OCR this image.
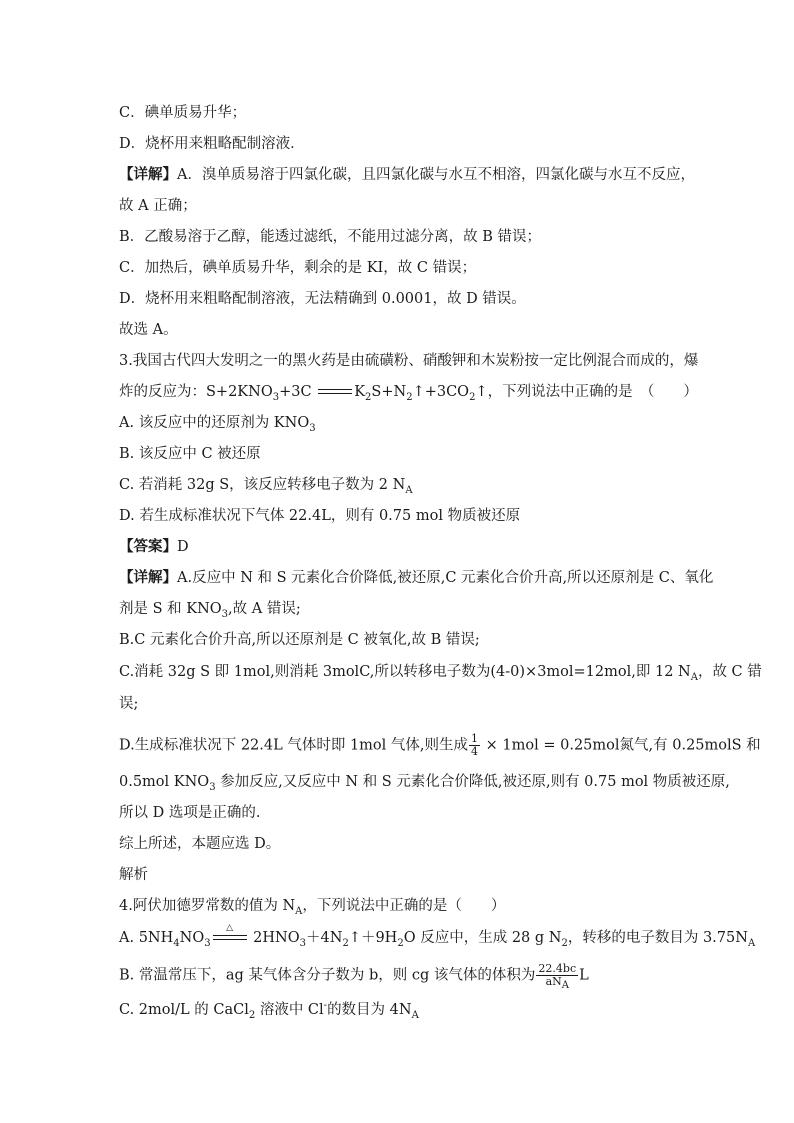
C．碘单质易升华；
D．烧杯用来粗略配制溶液．
【详解】A．溴单质易溶于四氯化碳，且四氯化碳与水互不相溶，四氯化碳与水互不反应，
故 A 正确；
B．乙酸易溶于乙醇，能透过滤纸，不能用过滤分离，故 B 错误；
C．加热后，碘单质易升华，剩余的是 KI，故 C 错误；
D．烧杯用来粗略配制溶液，无法精确到 0.0001，故 D 错误。
故选 A。
3.我国古代四大发明之一的黑火药是由硫磺粉、硝酸钾和木炭粉按一定比例混合而成的，爆
炸的反应为：$S+2KNO_3+3C$	$K_2S+N_2↑+3CO_2↑$，下列说法中正确的是　（　　）
A. 该反应中的还原剂为 $KNO_3$
B. 该反应中 C 被还原
C. 若消耗 32g S，该反应转移电子数为 2 $N_A$
D. 若生成标准状况下气体 22.4L，则有 0.75 mol 物质被还原
【答案】D
【详解】A.反应中 N 和 S 元素化合价降低,被还原,C 元素化合价升高,所以还原剂是 C、氧化
剂是 S 和 $KNO_3$,故 A 错误;
B.C 元素化合价升高,所以还原剂是 C 被氧化,故 B 错误;
C.消耗 32g S 即 1mol,则消耗 3molC,所以转移电子数为(4-0)×3mol=12mol,即 12 $N_A$，故 C 错
误;
D.生成标准状况下 22.4L 气体时即 1mol 气体,则生成 $\frac{1}{4} \times 1mol = 0.25mol$氮气,有 0.25molS 和
0.5mol $KNO_3$ 参加反应,又反应中 N 和 S 元素化合价降低,被还原,则有 0.75 mol 物质被还原,
所以 D 选项是正确的.
综上所述，本题应选 D。
解析
4.阿伏加德罗常数的值为 $N_A$，下列说法中正确的是（　　）
A. $5NH_4NO_3$
△
$2HNO_3+4N_2↑+9H_2O$ 反应中，生成 28 g $N_2$，转移的电子数目为 $3.75N_A$
B. 常温常压下，ag 某气体含分子数为 b，则 cg 该气体的体积为 $\frac{22.4bc}{aN_A}$ L
C. 2mol/L 的 CaCl$_2$ 溶液中 Cl-的数目为 $4N_A$
